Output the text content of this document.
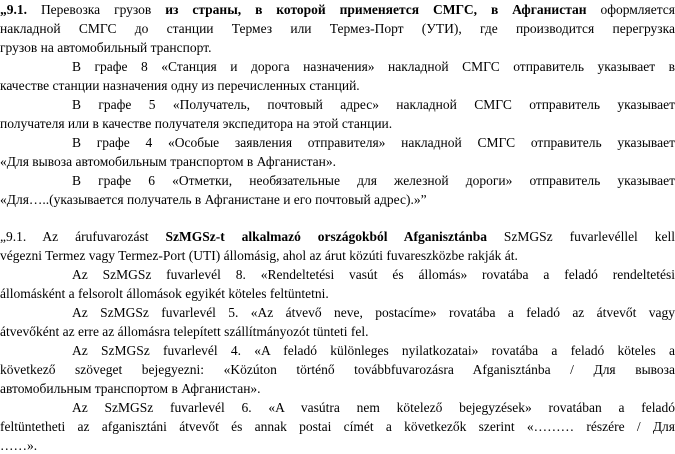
„9.1. Перевозка грузов из страны, в которой применяется СМГС, в Афганистан оформляется
накладной СМГС до станции Термез или Термез-Порт (УТИ), где производится перегрузка
грузов на автомобильный транспорт.
В графе 8 «Станция и дорога назначения» накладной СМГС отправитель указывает в
качестве станции назначения одну из перечисленных станций.
В графе 5 «Получатель, почтовый адрес» накладной СМГС отправитель указывает
получателя или в качестве получателя экспедитора на этой станции.
В графе 4 «Особые заявления отправителя» накладной СМГС отправитель указывает
«Для вывоза автомобильным транспортом в Афганистан».
В графе 6 «Отметки, необязательные для железной дороги» отправитель указывает
«Для…..(указывается получатель в Афганистане и его почтовый адрес).»”
„9.1. Az árufuvarozást SzMGSz-t alkalmazó országokból Afganisztánba SzMGSz fuvarlevéllel kell
végezni Termez vagy Termez-Port (UTI) állomásig, ahol az árut közúti fuvareszközbe rakják át.
Az SzMGSz fuvarlevél 8. «Rendeltetési vasút és állomás» rovatába a feladó rendeltetési
állomásként a felsorolt állomások egyikét köteles feltüntetni.
Az SzMGSz fuvarlevél 5. «Az átvevő neve, postacíme» rovatába a feladó az átvevőt vagy
átvevőként az erre az állomásra telepített szállítmányozót tünteti fel.
Az SzMGSz fuvarlevél 4. «A feladó különleges nyilatkozatai» rovatába a feladó köteles a
következő szöveget bejegyezni: «Közúton történő továbbfuvarozásra Afganisztánba / Для вывоза
автомобильным транспортом в Афганистан».
Az SzMGSz fuvarlevél 6. «A vasútra nem kötelező bejegyzések» rovatában a feladó
feltüntetheti az afganisztáni átvevőt és annak postai címét a következők szerint «……… részére / Для
……».
